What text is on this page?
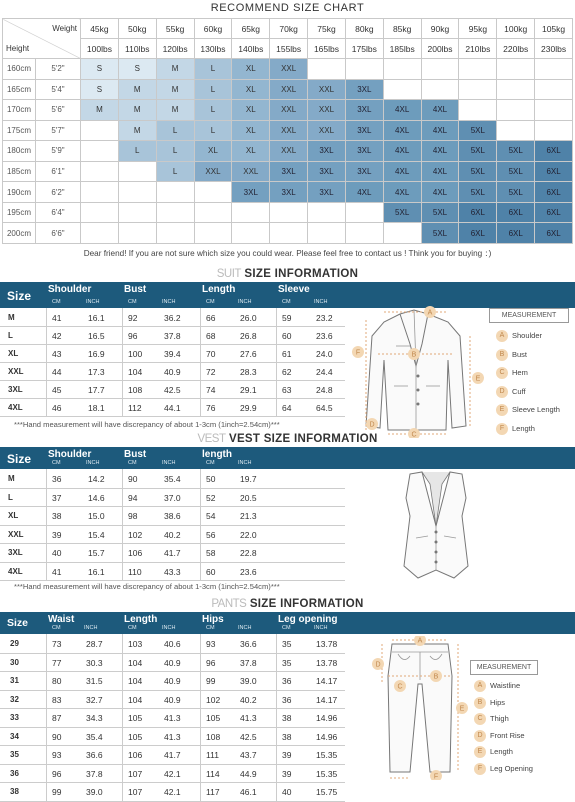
RECOMMEND SIZE CHART
Weight
Height		45kg	50kg	55kg	60kg	65kg	70kg	75kg	80kg	85kg	90kg	95kg	100kg	105kg
		100lbs	110lbs	120lbs	130lbs	140lbs	155lbs	165lbs	175lbs	185lbs	200lbs	210lbs	220lbs	230lbs
160cm	5'2"	S	S	M	L	XL	XXL							
165cm	5'4"	S	M	M	L	XL	XXL	XXL	3XL					
170cm	5'6"	M	M	M	L	XL	XXL	XXL	3XL	4XL	4XL			
175cm	5'7"		M	L	L	XL	XXL	XXL	3XL	4XL	4XL	5XL		
180cm	5'9"		L	L	XL	XL	XXL	3XL	3XL	4XL	4XL	5XL	5XL	6XL
185cm	6'1"			L	XXL	XXL	3XL	3XL	3XL	4XL	4XL	5XL	5XL	6XL
190cm	6'2"					3XL	3XL	3XL	4XL	4XL	4XL	5XL	5XL	6XL
195cm	6'4"									5XL	5XL	6XL	6XL	6XL
200cm	6'6"										5XL	6XL	6XL	6XL
Dear friend! If you are not sure which size you could wear. Please feel free to contact us ! Think you for buying ：)
SUIT SIZE INFORMATION
Size Shoulder
CM	INCH
Bust
CM	INCH
Length
CM	INCH
Sleeve
CM	INCH
M	41	16.1	92	36.2	66	26.0	59	23.2
L	42	16.5	96	37.8	68	26.8	60	23.6
XL	43	16.9	100	39.4	70	27.6	61	24.0
XXL	44	17.3	104	40.9	72	28.3	62	24.4
3XL	45	17.7	108	42.5	74	29.1	63	24.8
4XL	46	18.1	112	44.1	76	29.9	64	64.5
***Hand measurement will have discrepancy of about 1-3cm (1inch=2.54cm)***
A
B
C
D
E
F
MEASUREMENT
A Shoulder
B Bust
C Hem
D Cuff
E Sleeve Length
F Length
VEST VEST SIZE INFORMATION
Size Shoulder
CM	INCH
Bust
CM	INCH
length
CM	INCH
M	36	14.2	90	35.4	50	19.7
L	37	14.6	94	37.0	52	20.5
XL	38	15.0	98	38.6	54	21.3
XXL	39	15.4	102	40.2	56	22.0
3XL	40	15.7	106	41.7	58	22.8
4XL	41	16.1	110	43.3	60	23.6
***Hand measurement will have discrepancy of about 1-3cm (1inch=2.54cm)***
PANTS SIZE INFORMATION
Size Waist
CM	INCH
Length
CM	INCH
Hips
CM	INCH
Leg opening
CM	INCH
29	73	28.7	103	40.6	93	36.6	35	13.78
30	77	30.3	104	40.9	96	37.8	35	13.78
31	80	31.5	104	40.9	99	39.0	36	14.17
32	83	32.7	104	40.9	102 40.2	36	14.17
33	87	34.3	105	41.3	105 41.3	38	14.96
34	90	35.4	105	41.3	108 42.5	38	14.96
35	93	36.6	106	41.7	111 43.7	39	15.35
36	96	37.8	107	42.1	114 44.9	39	15.35
38	99	39.0	107	42.1	117 46.1	40	15.75
A
B
C
D
E
F
MEASUREMENT
A Waistline
B Hips
C Thigh
D Front Rise
E Length
F Leg Opening
